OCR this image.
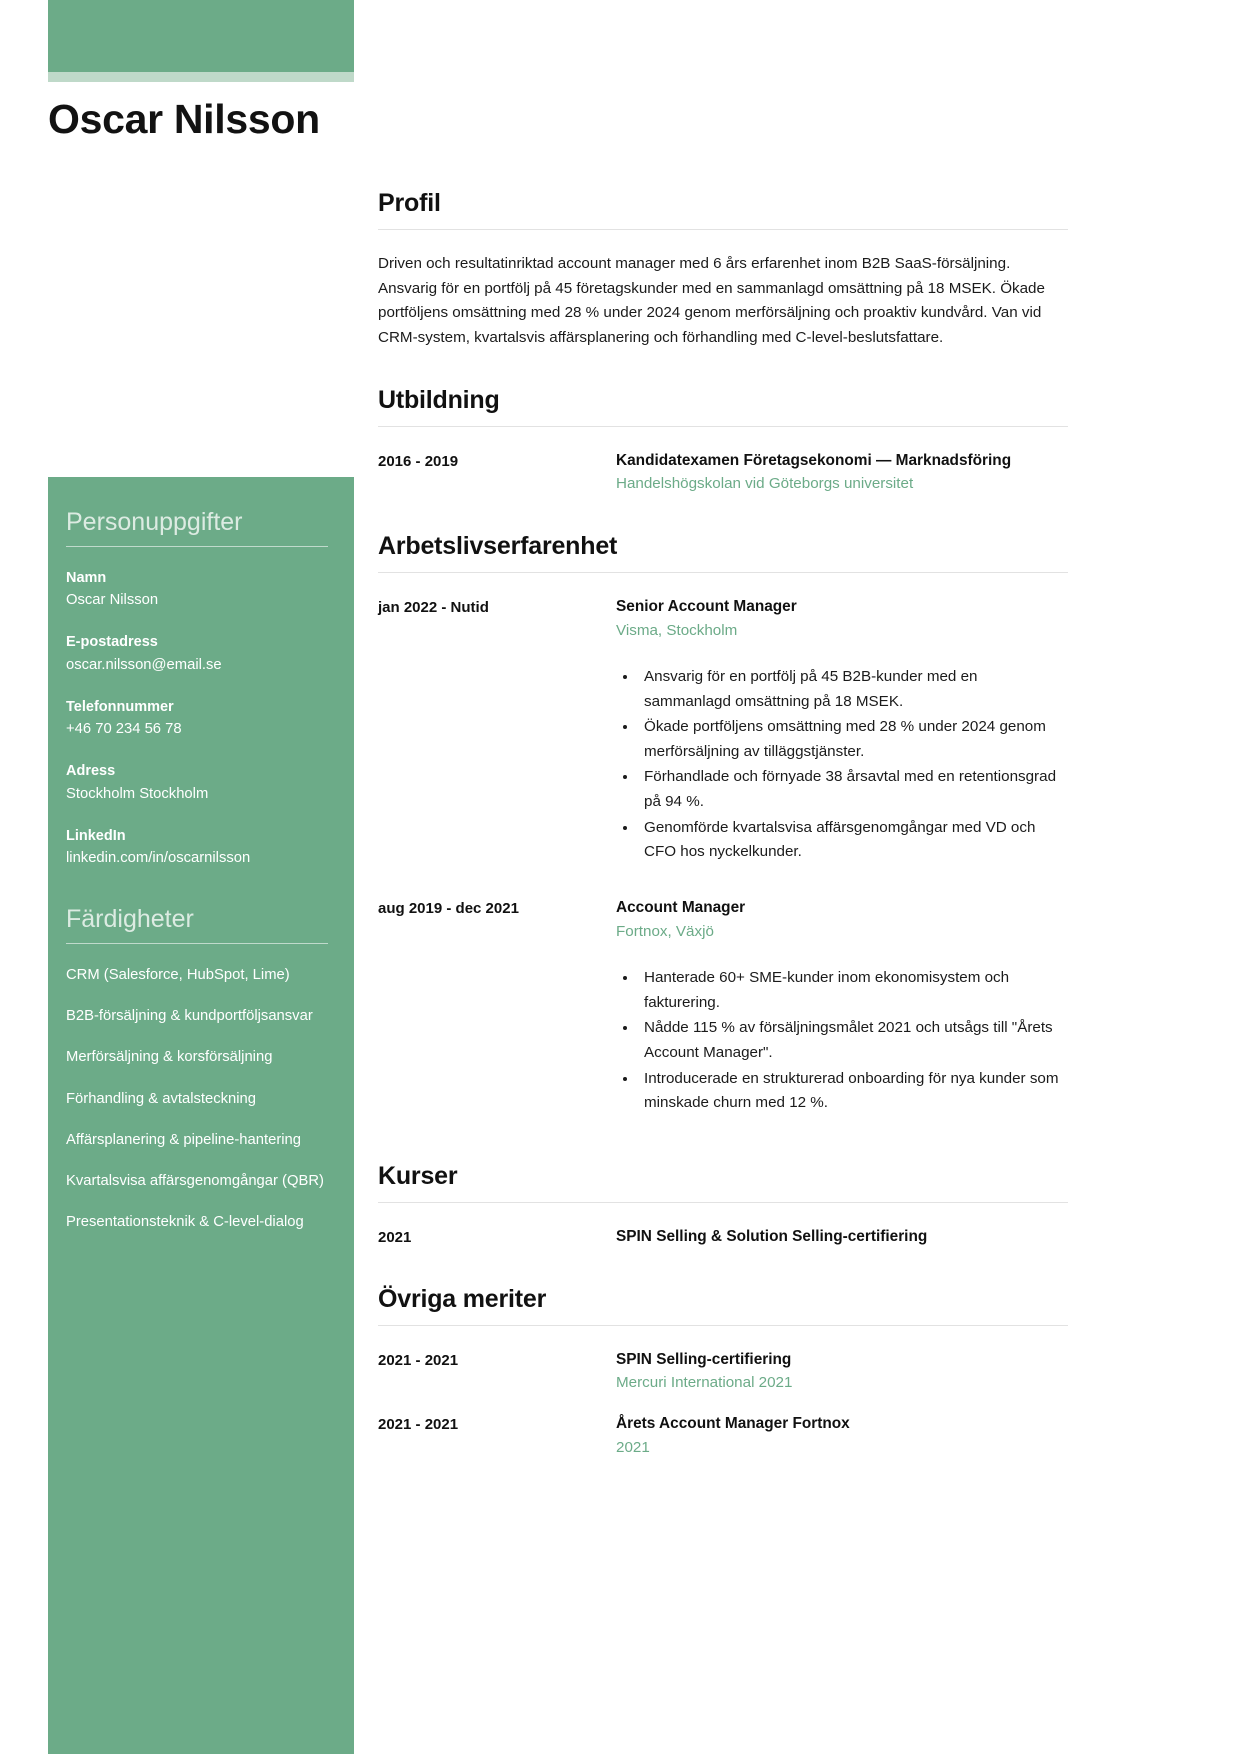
Oscar Nilsson
Personuppgifter
Namn
Oscar Nilsson
E-postadress
oscar.nilsson@email.se
Telefonnummer
+46 70 234 56 78
Adress
Stockholm Stockholm
LinkedIn
linkedin.com/in/oscarnilsson
Färdigheter
CRM (Salesforce, HubSpot, Lime)
B2B-försäljning & kundportföljsansvar
Merförsäljning & korsförsäljning
Förhandling & avtalsteckning
Affärsplanering & pipeline-hantering
Kvartalsvisa affärsgenomgångar (QBR)
Presentationsteknik & C-level-dialog
Profil

Driven och resultatinriktad account manager med 6 års erfarenhet inom B2B SaaS-försäljning. Ansvarig för en portfölj på 45 företagskunder med en sammanlagd omsättning på 18 MSEK. Ökade portföljens omsättning med 28 % under 2024 genom merförsäljning och proaktiv kundvård. Van vid CRM-system, kvartalsvis affärsplanering och förhandling med C-level-beslutsfattare.

Utbildning
2016 - 2019	Kandidatexamen Företagsekonomi — Marknadsföring
Handelshögskolan vid Göteborgs universitet
Arbetslivserfarenhet
jan 2022 - Nutid	Senior Account Manager
Visma, Stockholm
• Ansvarig för en portfölj på 45 B2B-kunder med en sammanlagd omsättning på 18 MSEK.
• Ökade portföljens omsättning med 28 % under 2024 genom merförsäljning av tilläggstjänster.
• Förhandlade och förnyade 38 årsavtal med en retentionsgrad på 94 %.
• Genomförde kvartalsvisa affärsgenomgångar med VD och CFO hos nyckelkunder.
aug 2019 - dec 2021	Account Manager
Fortnox, Växjö
• Hanterade 60+ SME-kunder inom ekonomisystem och fakturering.
• Nådde 115 % av försäljningsmålet 2021 och utsågs till "Årets Account Manager".
• Introducerade en strukturerad onboarding för nya kunder som minskade churn med 12 %.
Kurser
2021	SPIN Selling & Solution Selling-certifiering
Övriga meriter
2021 - 2021	SPIN Selling-certifiering
Mercuri International 2021
2021 - 2021	Årets Account Manager Fortnox
2021
